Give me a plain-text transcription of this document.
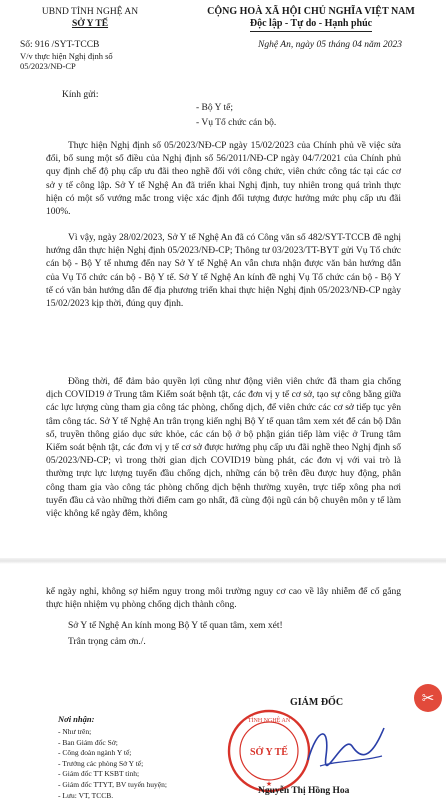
UBND TỈNH NGHỆ AN
SỞ Y TẾ
CỘNG HOÀ XÃ HỘI CHỦ NGHĨA VIỆT NAM
Độc lập - Tự do - Hạnh phúc
Số: 916 /SYT-TCCB
V/v thực hiện Nghị định số
05/2023/NĐ-CP
Nghệ An, ngày 05 tháng 04 năm 2023
Kính gửi:
- Bộ Y tế;
- Vụ Tổ chức cán bộ.
Thực hiện Nghị định số 05/2023/NĐ-CP ngày 15/02/2023 của Chính phủ về việc sửa đổi, bổ sung một số điều của Nghị định số 56/2011/NĐ-CP ngày 04/7/2021 của Chính phủ quy định chế độ phụ cấp ưu đãi theo nghề đối với công chức, viên chức công tác tại các cơ sở y tế công lập. Sở Y tế Nghệ An đã triển khai Nghị định, tuy nhiên trong quá trình thực hiện có một số vướng mắc trong việc xác định đối tượng được hưởng mức phụ cấp ưu đãi 100%.
Vì vậy, ngày 28/02/2023, Sở Y tế Nghệ An đã có Công văn số 482/SYT-TCCB đề nghị hướng dẫn thực hiện Nghị định 05/2023/NĐ-CP; Thông tư 03/2023/TT-BYT gửi Vụ Tổ chức cán bộ - Bộ Y tế nhưng đến nay Sở Y tế Nghệ An vẫn chưa nhận được văn bản hướng dẫn của Vụ Tổ chức cán bộ - Bộ Y tế. Sở Y tế Nghệ An kính đề nghị Vụ Tổ chức cán bộ - Bộ Y tế có văn bản hướng dẫn để địa phương triển khai thực hiện Nghị định 05/2023/NĐ-CP ngày 15/02/2023 kịp thời, đúng quy định.
Đồng thời, để đảm bảo quyền lợi cũng như động viên viên chức đã tham gia chống dịch COVID19 ở Trung tâm Kiểm soát bệnh tật, các đơn vị y tế cơ sở, tạo sự công bằng giữa các lực lượng cùng tham gia công tác phòng, chống dịch, để viên chức các cơ sở tiếp tục yên tâm công tác. Sở Y tế Nghệ An trân trọng kiến nghị Bộ Y tế quan tâm xem xét để cán bộ Dân số, truyền thông giáo dục sức khỏe, các cán bộ ở bộ phận gián tiếp làm việc ở Trung tâm Kiểm soát bệnh tật, các đơn vị y tế cơ sở được hưởng phụ cấp ưu đãi nghề theo Nghị định số 05/2023/NĐ-CP; vì trong thời gian dịch COVID19 bùng phát, các đơn vị với vai trò là thường trực lực lượng tuyến đầu chống dịch, những cán bộ trên đều được huy động, phân công tham gia vào công tác phòng chống dịch bệnh thường xuyên, trực tiếp xông pha nơi tuyến đầu cả vào những thời điểm cam go nhất, đã cùng đội ngũ cán bộ chuyên môn y tế làm việc không kể ngày đêm, không
kể ngày nghỉ, không sợ hiểm nguy trong môi trường nguy cơ cao về lây nhiễm để cố gắng thực hiện nhiệm vụ phòng chống dịch thành công.
Sở Y tế Nghệ An kính mong Bộ Y tế quan tâm, xem xét!
Trân trọng cảm ơn./.
Nơi nhận:
- Như trên;
- Ban Giám đốc Sở;
- Công đoàn ngành Y tế;
- Trưởng các phòng Sở Y tế;
- Giám đốc TT KSBT tỉnh;
- Giám đốc TTYT, BV tuyến huyện;
- Lưu: VT, TCCB.
GIÁM ĐỐC
SỞ Y TẾ
TỈNH NGHỆ AN
★
Nguyễn Thị Hồng Hoa
✂
